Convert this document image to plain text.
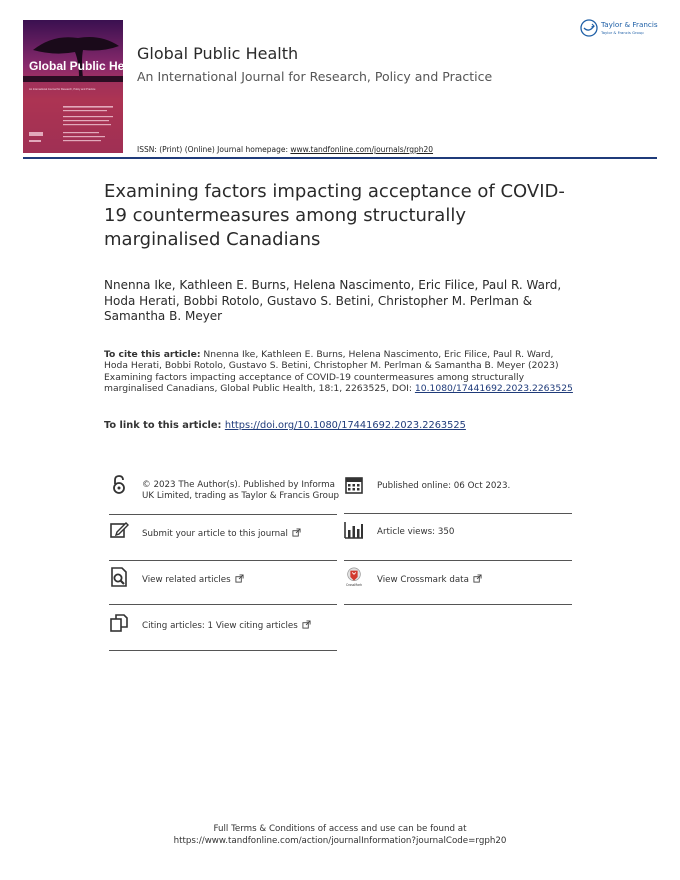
Global Public Health
An International Journal for Research, Policy and Practice
Global Public Health
An International Journal for Research, Policy and Practice
ISSN: (Print) (Online) Journal homepage: www.tandfonline.com/journals/rgph20
Taylor & Francis
Taylor & Francis Group
Examining factors impacting acceptance of COVID-19 countermeasures among structurally marginalised Canadians
Nnenna Ike, Kathleen E. Burns, Helena Nascimento, Eric Filice, Paul R. Ward, Hoda Herati, Bobbi Rotolo, Gustavo S. Betini, Christopher M. Perlman & Samantha B. Meyer
To cite this article: Nnenna Ike, Kathleen E. Burns, Helena Nascimento, Eric Filice, Paul R. Ward, Hoda Herati, Bobbi Rotolo, Gustavo S. Betini, Christopher M. Perlman & Samantha B. Meyer (2023) Examining factors impacting acceptance of COVID-19 countermeasures among structurally marginalised Canadians, Global Public Health, 18:1, 2263525, DOI: 10.1080/17441692.2023.2263525
To link to this article: https://doi.org/10.1080/17441692.2023.2263525
© 2023 The Author(s). Published by Informa UK Limited, trading as Taylor & Francis Group
Published online: 06 Oct 2023.
Submit your article to this journal	Article views: 350
View related articles
CrossMark
View Crossmark data
Citing articles: 1 View citing articles
Full Terms & Conditions of access and use can be found at
https://www.tandfonline.com/action/journalInformation?journalCode=rgph20
